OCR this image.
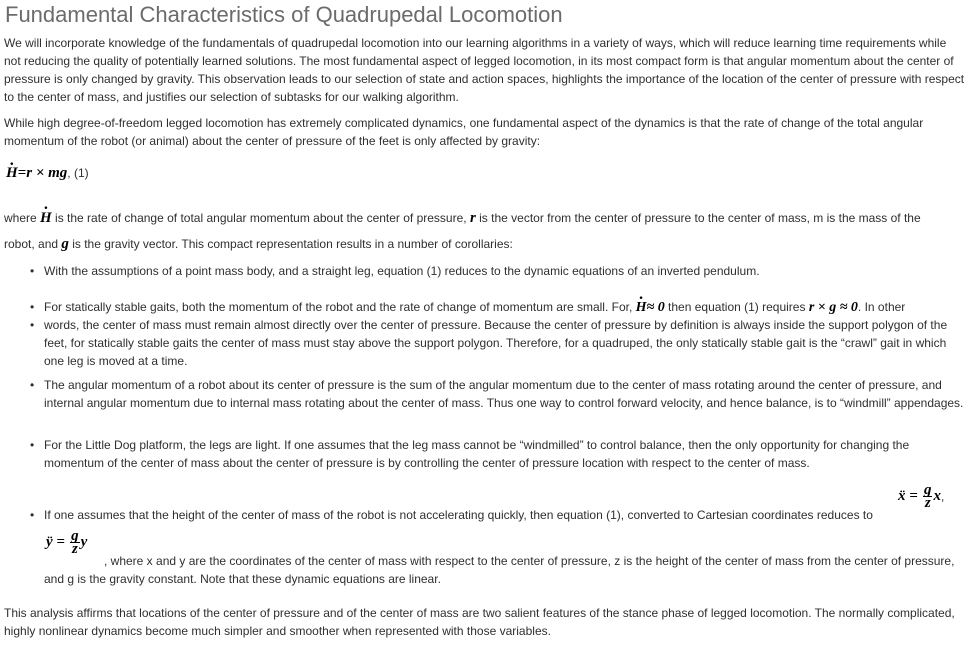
Fundamental Characteristics of Quadrupedal Locomotion

We will incorporate knowledge of the fundamentals of quadrupedal locomotion into our learning algorithms in a variety of ways, which will reduce learning time requirements while not reducing the quality of potentially learned solutions. The most fundamental aspect of legged locomotion, in its most compact form is that angular momentum about the center of pressure is only changed by gravity. This observation leads to our selection of state and action spaces, highlights the importance of the location of the center of pressure with respect to the center of mass, and justifies our selection of subtasks for our walking algorithm.

While high degree-of-freedom legged locomotion has extremely complicated dynamics, one fundamental aspect of the dynamics is that the rate of change of the total angular momentum of the robot (or animal) about the center of pressure of the feet is only affected by gravity:

· H=r × mg, (1)

where · H is the rate of change of total angular momentum about the center of pressure, r is the vector from the center of pressure to the center of mass, m is the mass of the

robot, and g is the gravity vector. This compact representation results in a number of corollaries:

• With the assumptions of a point mass body, and a straight leg, equation (1) reduces to the dynamic equations of an inverted pendulum.
• For statically stable gaits, both the momentum of the robot and the rate of change of momentum are small. For, · H≈ 0 then equation (1) requires r × g ≈ 0. In other
• words, the center of mass must remain almost directly over the center of pressure. Because the center of pressure by definition is always inside the support polygon of the feet, for statically stable gaits the center of mass must stay above the support polygon. Therefore, for a quadruped, the only statically stable gait is the “crawl” gait in which one leg is moved at a time.
• The angular momentum of a robot about its center of pressure is the sum of the angular momentum due to the center of mass rotating around the center of pressure, and internal angular momentum due to internal mass rotating about the center of mass. Thus one way to control forward velocity, and hence balance, is to “windmill” appendages.
• For the Little Dog platform, the legs are light. If one assumes that the leg mass cannot be “windmilled” to control balance, then the only opportunity for changing the momentum of the center of mass about the center of pressure is by controlling the center of pressure location with respect to the center of mass.
• If one assumes that the height of the center of mass of the robot is not accelerating quickly, then equation (1), converted to Cartesian coordinates reduces to
ẍ = $\frac{g}{z} x$,
ÿ = $\frac{g}{z}$ y

, where x and y are the coordinates of the center of mass with respect to the center of pressure, z is the height of the center of mass from the center of pressure,

and g is the gravity constant. Note that these dynamic equations are linear.

This analysis affirms that locations of the center of pressure and of the center of mass are two salient features of the stance phase of legged locomotion. The normally complicated, highly nonlinear dynamics become much simpler and smoother when represented with those variables.
